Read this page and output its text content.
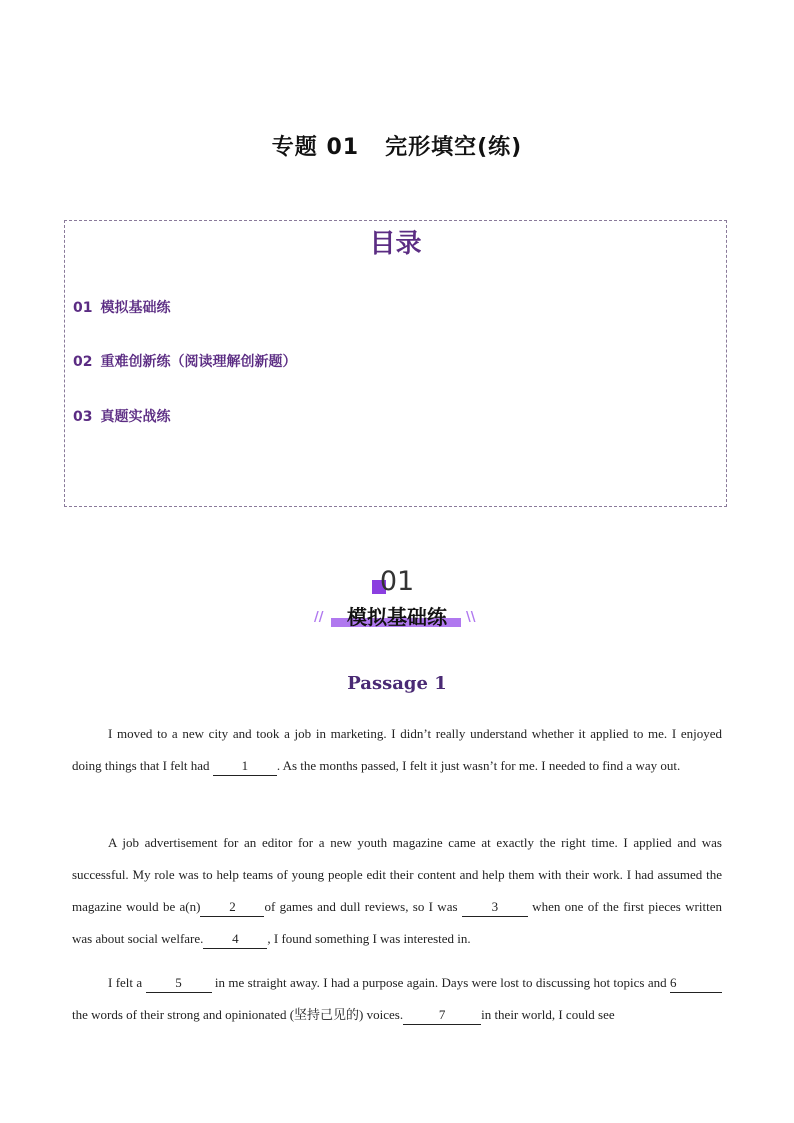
专题 01 完形填空(练)
目录
01 模拟基础练
02 重难创新练（阅读理解创新题）
03 真题实战练
01
//	模拟基础练	\\
Passage 1
I moved to a new city and took a job in marketing. I didn’t really understand whether it applied to me. I enjoyed doing things that I felt had 1 . As the months passed, I felt it just wasn’t for me. I needed to find a way out.
A job advertisement for an editor for a new youth magazine came at exactly the right time. I applied and was successful. My role was to help teams of young people edit their content and help them with their work. I had assumed the magazine would be a(n) 2 of games and dull reviews, so I was 3 when one of the first pieces written was about social welfare. 4 , I found something I was interested in.
I felt a 5 in me straight away. I had a purpose again. Days were lost to discussing hot topics and 6 the words of their strong and opinionated (坚持己见的) voices.	7	in their world, I could see
